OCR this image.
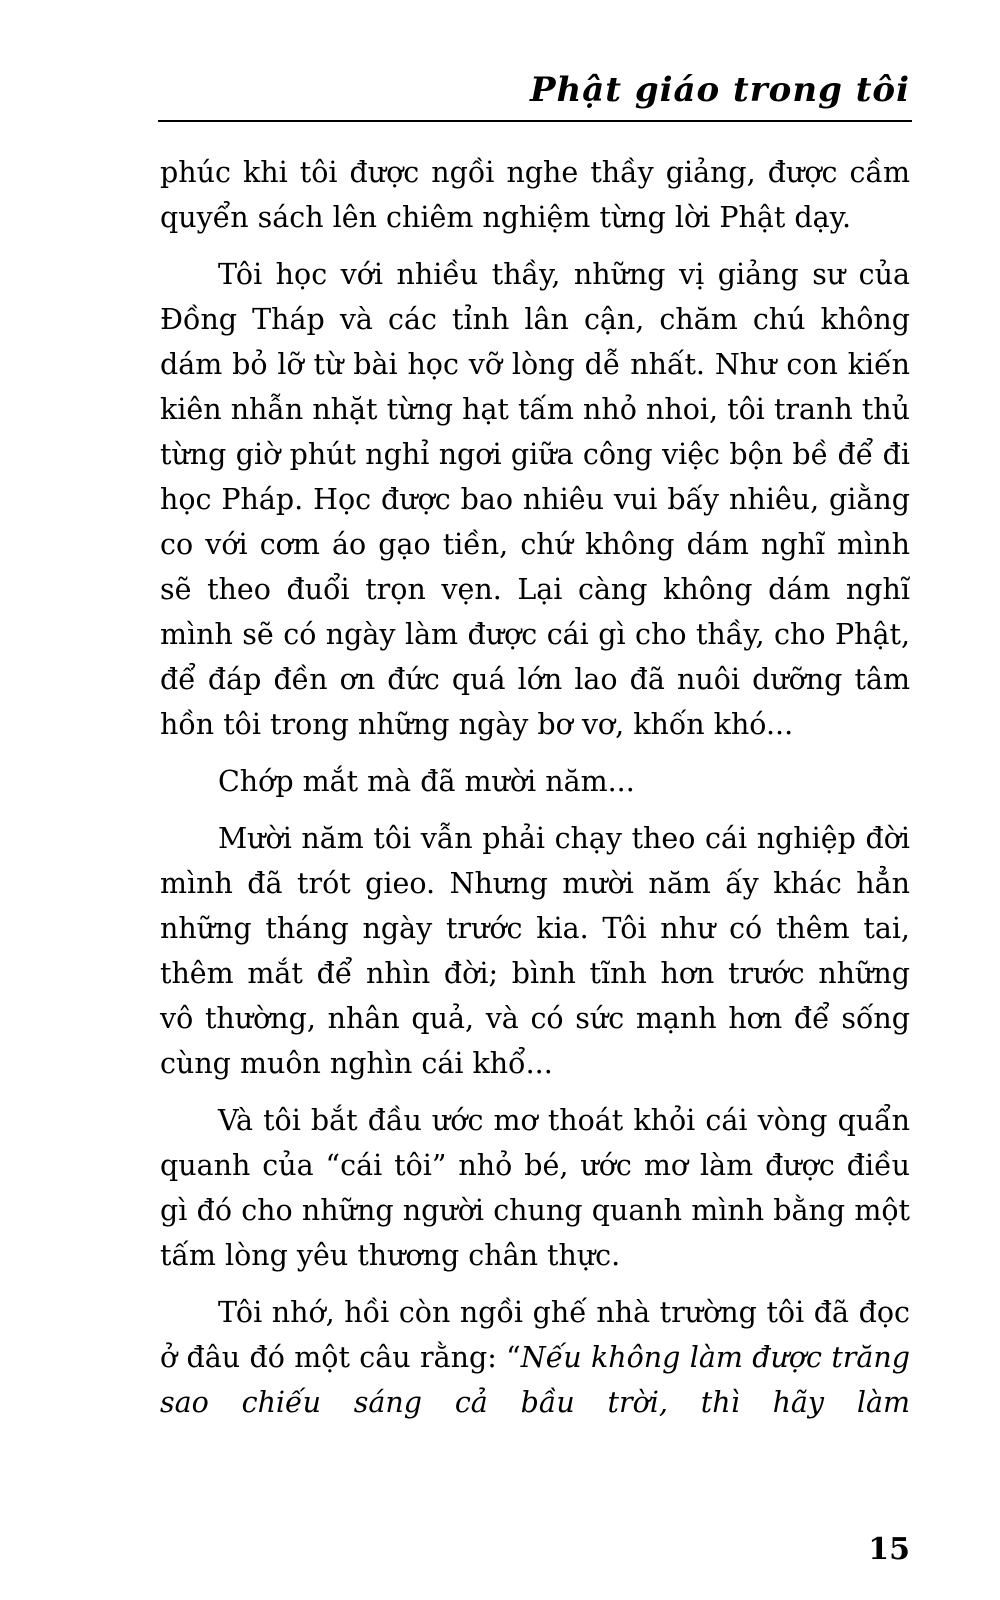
Phật giáo trong tôi

phúc khi tôi được ngồi nghe thầy giảng, được cầm quyển sách lên chiêm nghiệm từng lời Phật dạy.

Tôi học với nhiều thầy, những vị giảng sư của Đồng Tháp và các tỉnh lân cận, chăm chú không dám bỏ lỡ từ bài học vỡ lòng dễ nhất. Như con kiến kiên nhẫn nhặt từng hạt tấm nhỏ nhoi, tôi tranh thủ từng giờ phút nghỉ ngơi giữa công việc bộn bề để đi học Pháp. Học được bao nhiêu vui bấy nhiêu, giằng co với cơm áo gạo tiền, chứ không dám nghĩ mình sẽ theo đuổi trọn vẹn. Lại càng không dám nghĩ mình sẽ có ngày làm được cái gì cho thầy, cho Phật, để đáp đền ơn đức quá lớn lao đã nuôi dưỡng tâm hồn tôi trong những ngày bơ vơ, khốn khó...

Chớp mắt mà đã mười năm...

Mười năm tôi vẫn phải chạy theo cái nghiệp đời mình đã trót gieo. Nhưng mười năm ấy khác hẳn những tháng ngày trước kia. Tôi như có thêm tai, thêm mắt để nhìn đời; bình tĩnh hơn trước những vô thường, nhân quả, và có sức mạnh hơn để sống cùng muôn nghìn cái khổ...

Và tôi bắt đầu ước mơ thoát khỏi cái vòng quẩn quanh của “cái tôi” nhỏ bé, ước mơ làm được điều gì đó cho những người chung quanh mình bằng một tấm lòng yêu thương chân thực.

Tôi nhớ, hồi còn ngồi ghế nhà trường tôi đã đọc ở đâu đó một câu rằng: “Nếu không làm được trăng sao chiếu sáng cả bầu trời, thì hãy làm

15
